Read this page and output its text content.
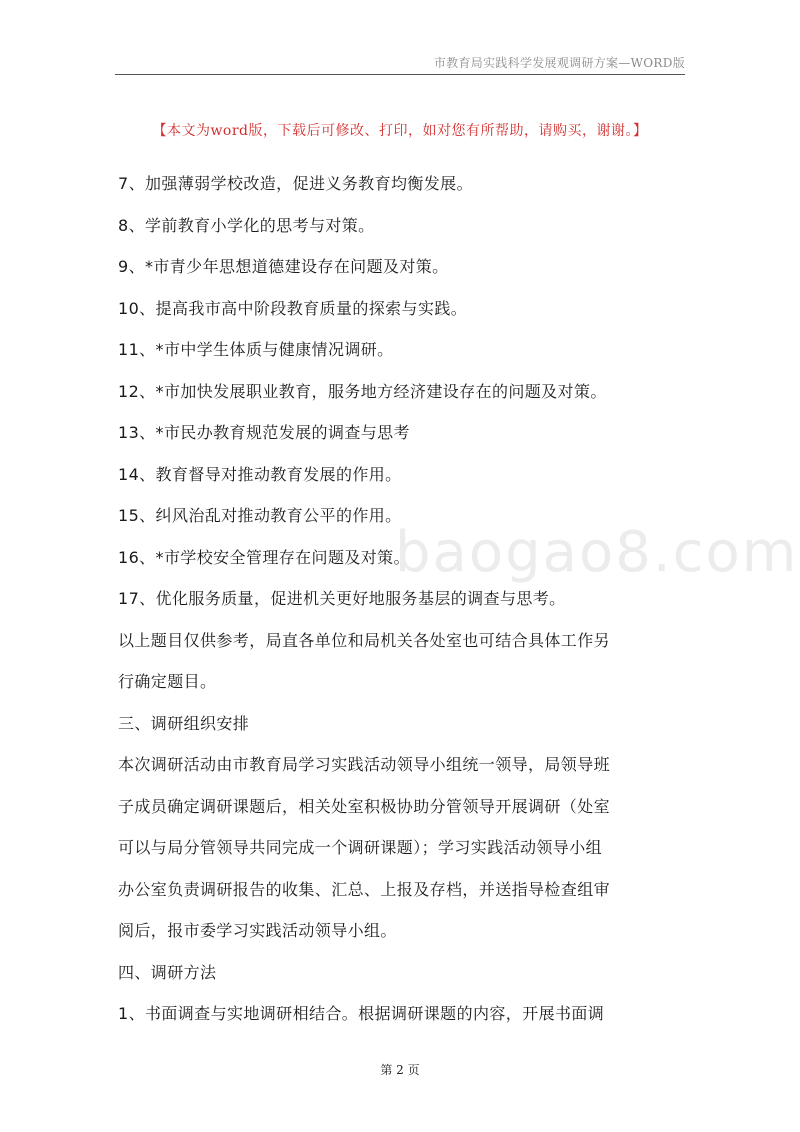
市教育局实践科学发展观调研方案—WORD版
【本文为word版，下载后可修改、打印，如对您有所帮助，请购买，谢谢。】
baogao8.com
7、加强薄弱学校改造，促进义务教育均衡发展。
8、学前教育小学化的思考与对策。
9、*市青少年思想道德建设存在问题及对策。
10、提高我市高中阶段教育质量的探索与实践。
11、*市中学生体质与健康情况调研。
12、*市加快发展职业教育，服务地方经济建设存在的问题及对策。
13、*市民办教育规范发展的调查与思考
14、教育督导对推动教育发展的作用。
15、纠风治乱对推动教育公平的作用。
16、*市学校安全管理存在问题及对策。
17、优化服务质量，促进机关更好地服务基层的调查与思考。
以上题目仅供参考，局直各单位和局机关各处室也可结合具体工作另
行确定题目。
三、调研组织安排
本次调研活动由市教育局学习实践活动领导小组统一领导，局领导班
子成员确定调研课题后，相关处室积极协助分管领导开展调研（处室
可以与局分管领导共同完成一个调研课题）；学习实践活动领导小组
办公室负责调研报告的收集、汇总、上报及存档，并送指导检查组审
阅后，报市委学习实践活动领导小组。
四、调研方法
1、书面调查与实地调研相结合。根据调研课题的内容，开展书面调
第 2 页
